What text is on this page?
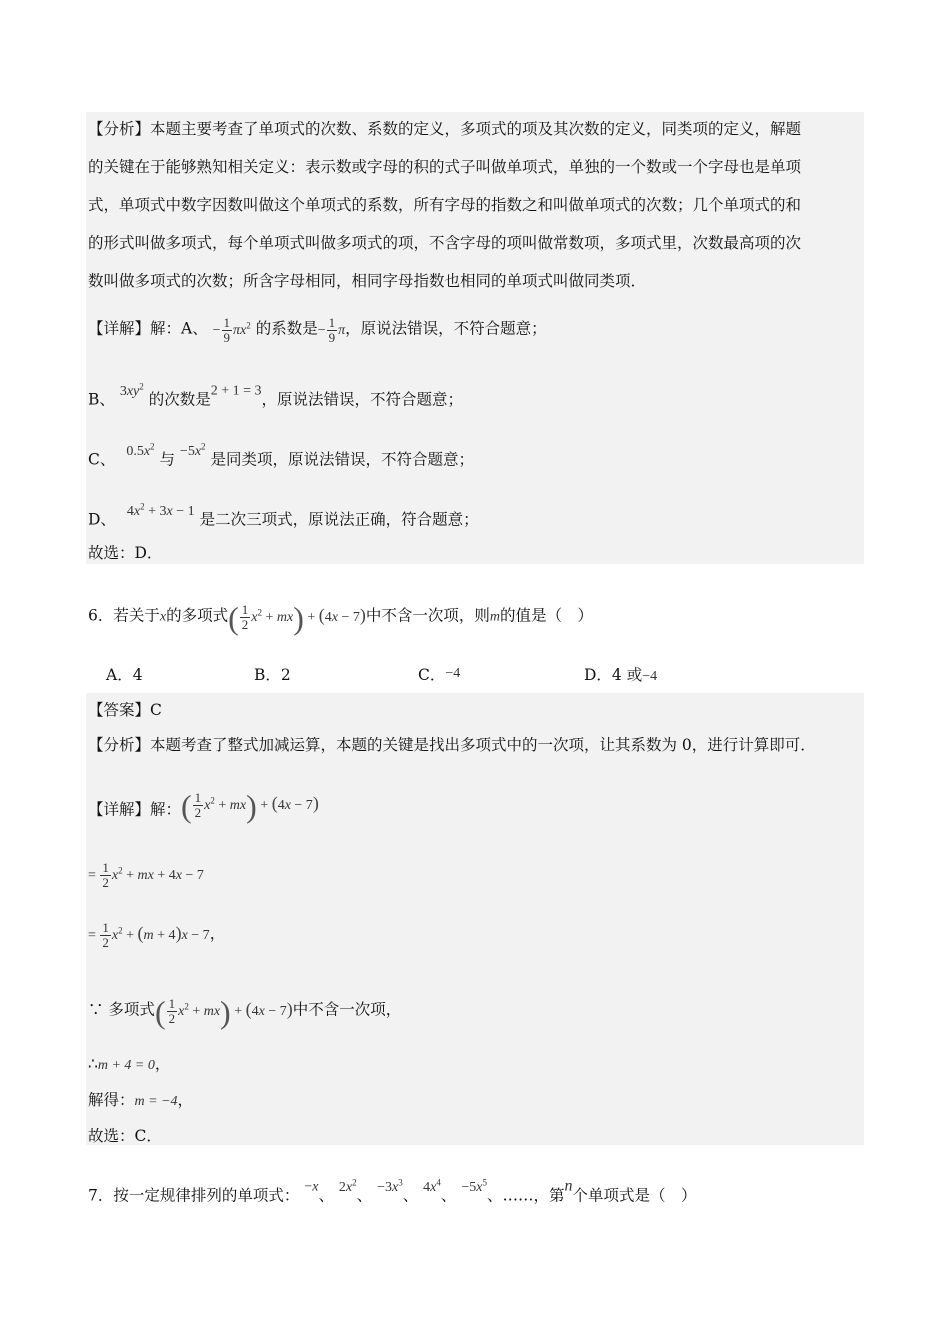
【分析】本题主要考查了单项式的次数、系数的定义，多项式的项及其次数的定义，同类项的定义，解题
的关键在于能够熟知相关定义：表示数或字母的积的式子叫做单项式，单独的一个数或一个字母也是单项
式，单项式中数字因数叫做这个单项式的系数，所有字母的指数之和叫做单项式的次数；几个单项式的和
的形式叫做多项式，每个单项式叫做多项式的项，不含字母的项叫做常数项，多项式里，次数最高项的次
数叫做多项式的次数；所含字母相同，相同字母指数也相同的单项式叫做同类项．
【详解】解：A、 − $\frac{1}{9} \pi x^2$ 的系数是− $\frac{1}{9}$ π，原说法错误，不符合题意；
B、 $3xy^2$ 的次数是2 + 1 = 3，原说法错误，不符合题意；
C、 $0.5x^2$ 与 $-5x^2$ 是同类项，原说法错误，不符合题意；
D、 $4x^2 + 3x - 1$ 是二次三项式，原说法正确，符合题意；
故选：D．
6．若关于x的多项式( $\frac{1}{2} x^2 + mx) + (4x - 7)$中不含一次项，则m的值是（　）
A．4	B．2	C．−4	D．4 或−4
【答案】C
【分析】本题考查了整式加减运算，本题的关键是找出多项式中的一次项，让其系数为 0，进行计算即可．
【详解】解：( $\frac{1}{2} x^2 + mx) + (4x - 7)$
= $\frac{1}{2} x^2$ + mx + 4x − 7
= $\frac{1}{2} x^2 + (m + 4)x - 7$，
∵ 多项式( $\frac{1}{2} x^2 + mx) + (4x - 7)$中不含一次项，
∴m + 4 = 0，
解得：m = −4，
故选：C．
7．按一定规律排列的单项式： −x、 $2x^2$、 $-3x^3$、 $4x^4$、 $-5x^5$、……，第n个单项式是（　）
